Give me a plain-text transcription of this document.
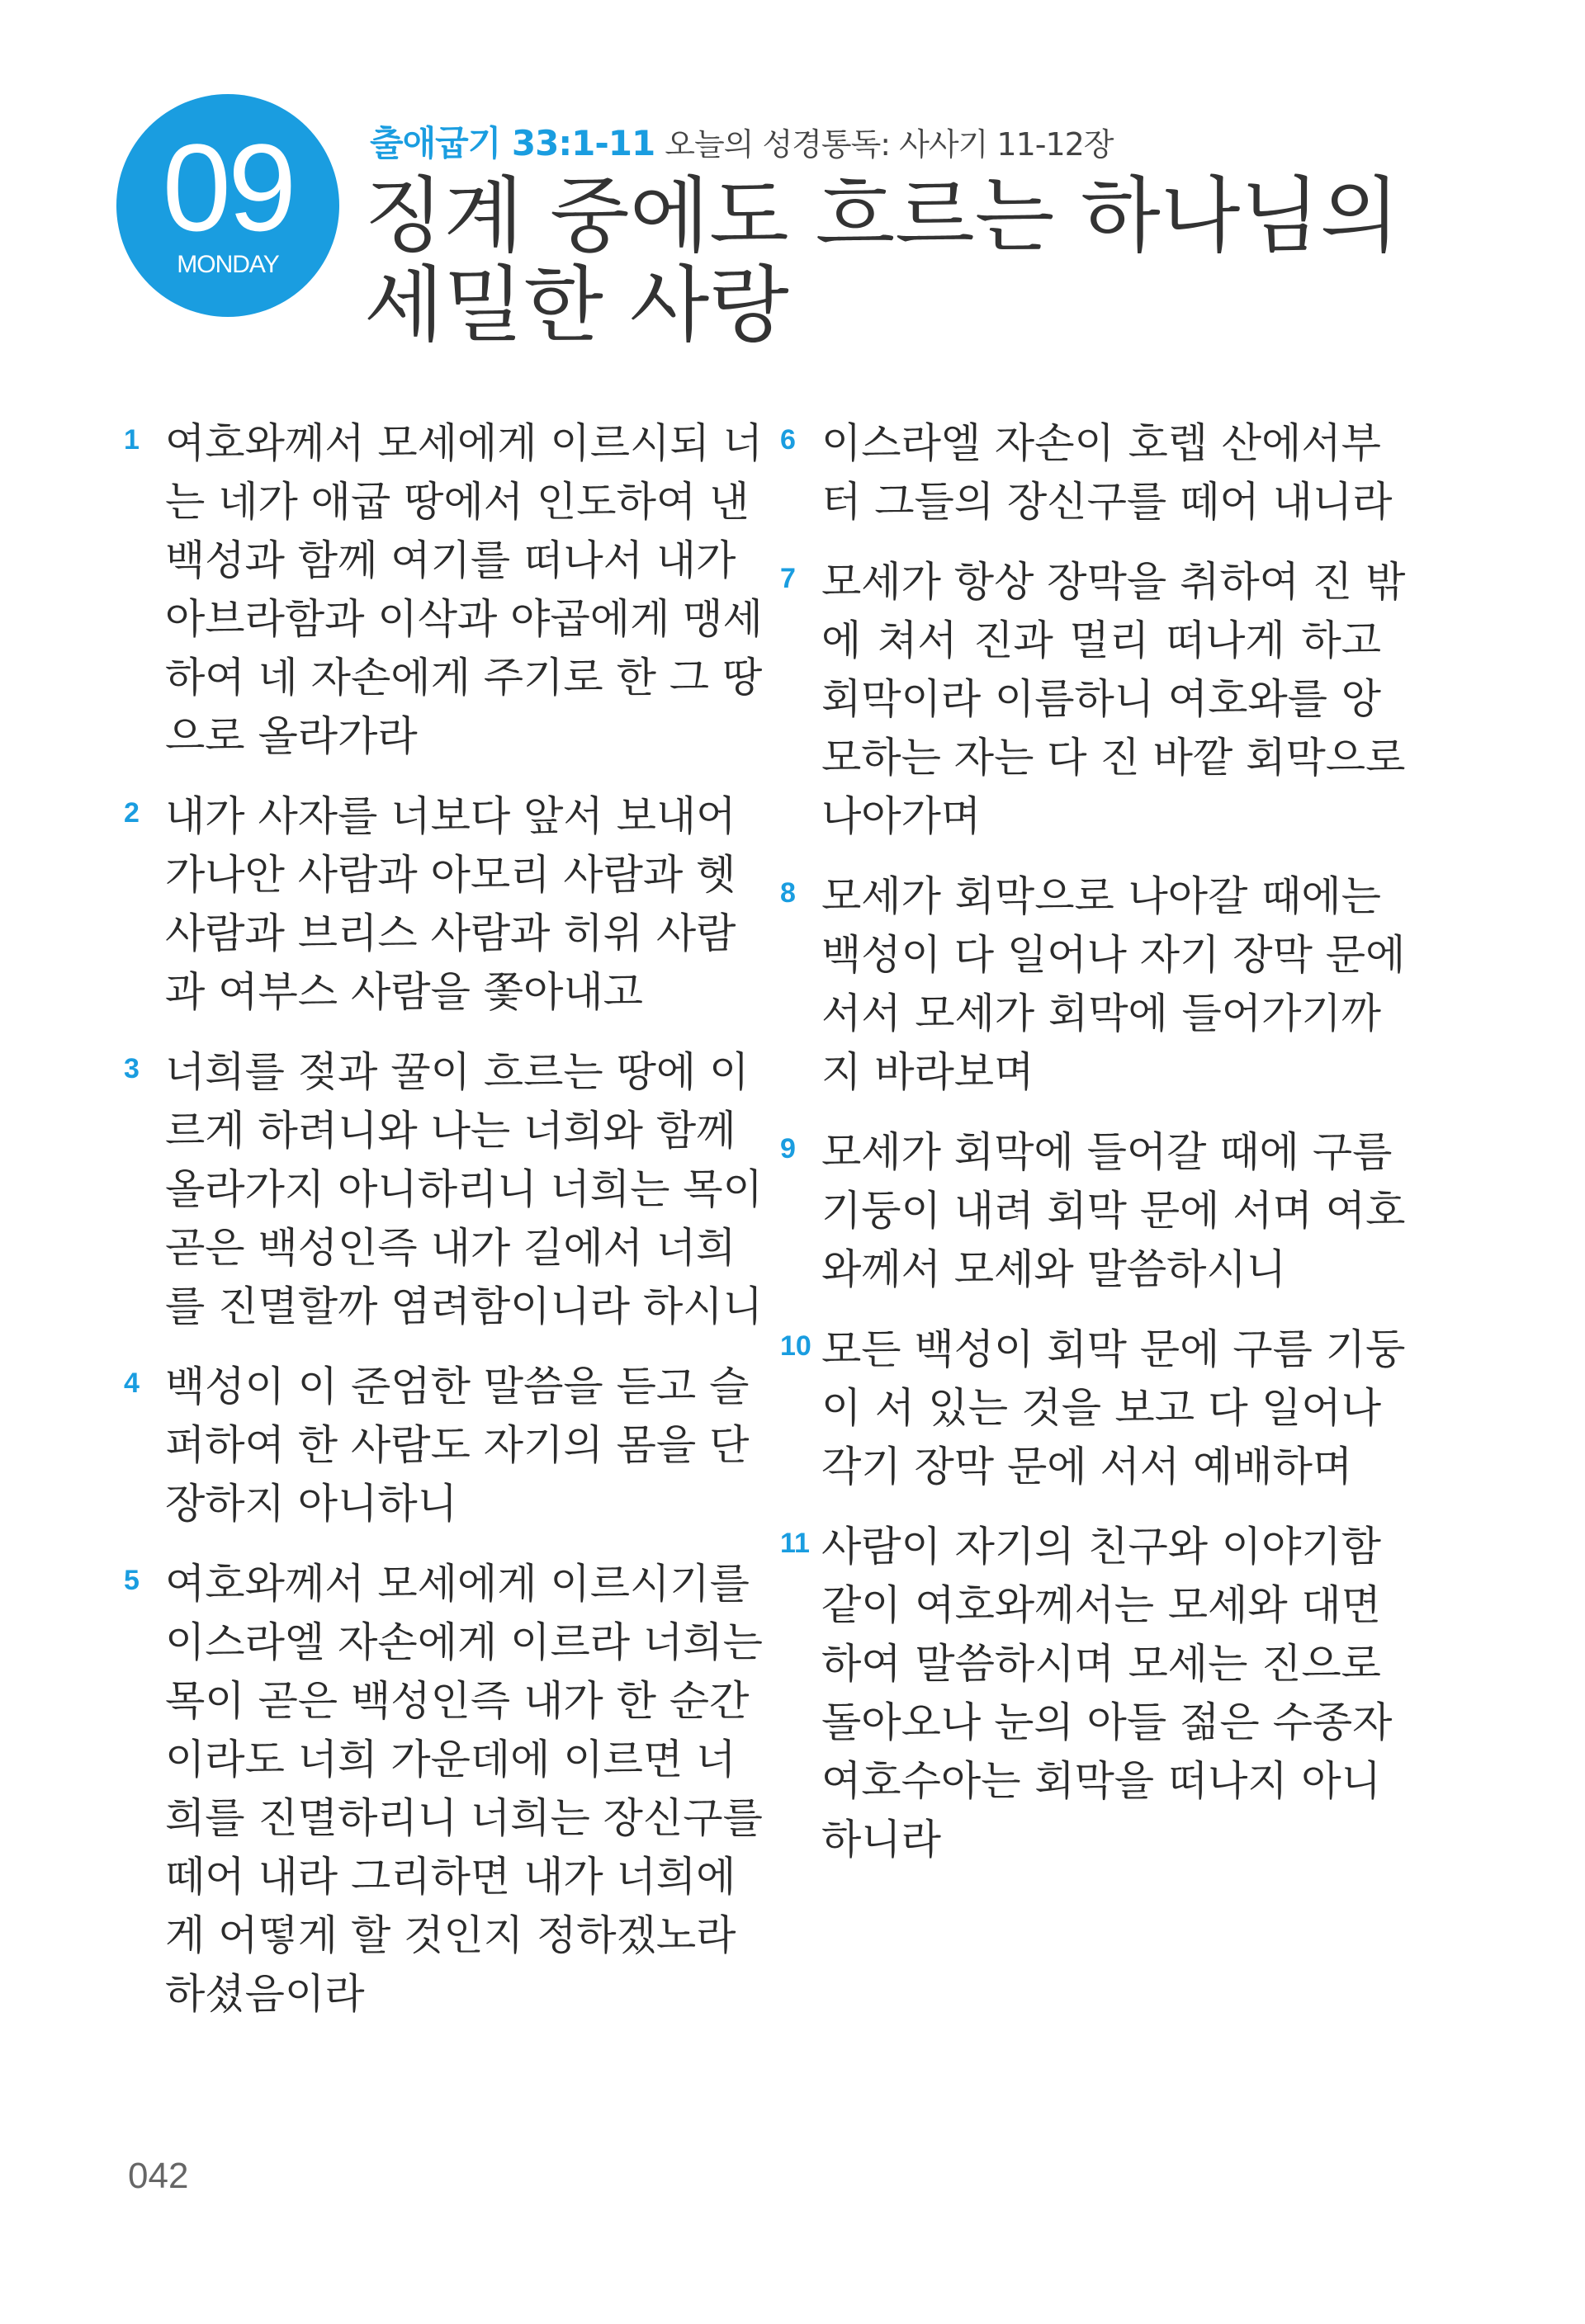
09
MONDAY
출애굽기 33:1-11 오늘의 성경통독: 사사기 11-12장
징계 중에도 흐르는 하나님의
세밀한 사랑
1 여호와께서 모세에게 이르시되 너
는 네가 애굽 땅에서 인도하여 낸
백성과 함께 여기를 떠나서 내가
아브라함과 이삭과 야곱에게 맹세
하여 네 자손에게 주기로 한 그 땅
으로 올라가라
2 내가 사자를 너보다 앞서 보내어
가나안 사람과 아모리 사람과 헷
사람과 브리스 사람과 히위 사람
과 여부스 사람을 쫓아내고
3 너희를 젖과 꿀이 흐르는 땅에 이
르게 하려니와 나는 너희와 함께
올라가지 아니하리니 너희는 목이
곧은 백성인즉 내가 길에서 너희
를 진멸할까 염려함이니라 하시니
4 백성이 이 준엄한 말씀을 듣고 슬
퍼하여 한 사람도 자기의 몸을 단
장하지 아니하니
5 여호와께서 모세에게 이르시기를
이스라엘 자손에게 이르라 너희는
목이 곧은 백성인즉 내가 한 순간
이라도 너희 가운데에 이르면 너
희를 진멸하리니 너희는 장신구를
떼어 내라 그리하면 내가 너희에
게 어떻게 할 것인지 정하겠노라
하셨음이라
6 이스라엘 자손이 호렙 산에서부
터 그들의 장신구를 떼어 내니라
7 모세가 항상 장막을 취하여 진 밖
에 쳐서 진과 멀리 떠나게 하고
회막이라 이름하니 여호와를 앙
모하는 자는 다 진 바깥 회막으로
나아가며
8 모세가 회막으로 나아갈 때에는
백성이 다 일어나 자기 장막 문에
서서 모세가 회막에 들어가기까
지 바라보며
9 모세가 회막에 들어갈 때에 구름
기둥이 내려 회막 문에 서며 여호
와께서 모세와 말씀하시니
10 모든 백성이 회막 문에 구름 기둥
이 서 있는 것을 보고 다 일어나
각기 장막 문에 서서 예배하며
11 사람이 자기의 친구와 이야기함
같이 여호와께서는 모세와 대면
하여 말씀하시며 모세는 진으로
돌아오나 눈의 아들 젊은 수종자
여호수아는 회막을 떠나지 아니
하니라
042
